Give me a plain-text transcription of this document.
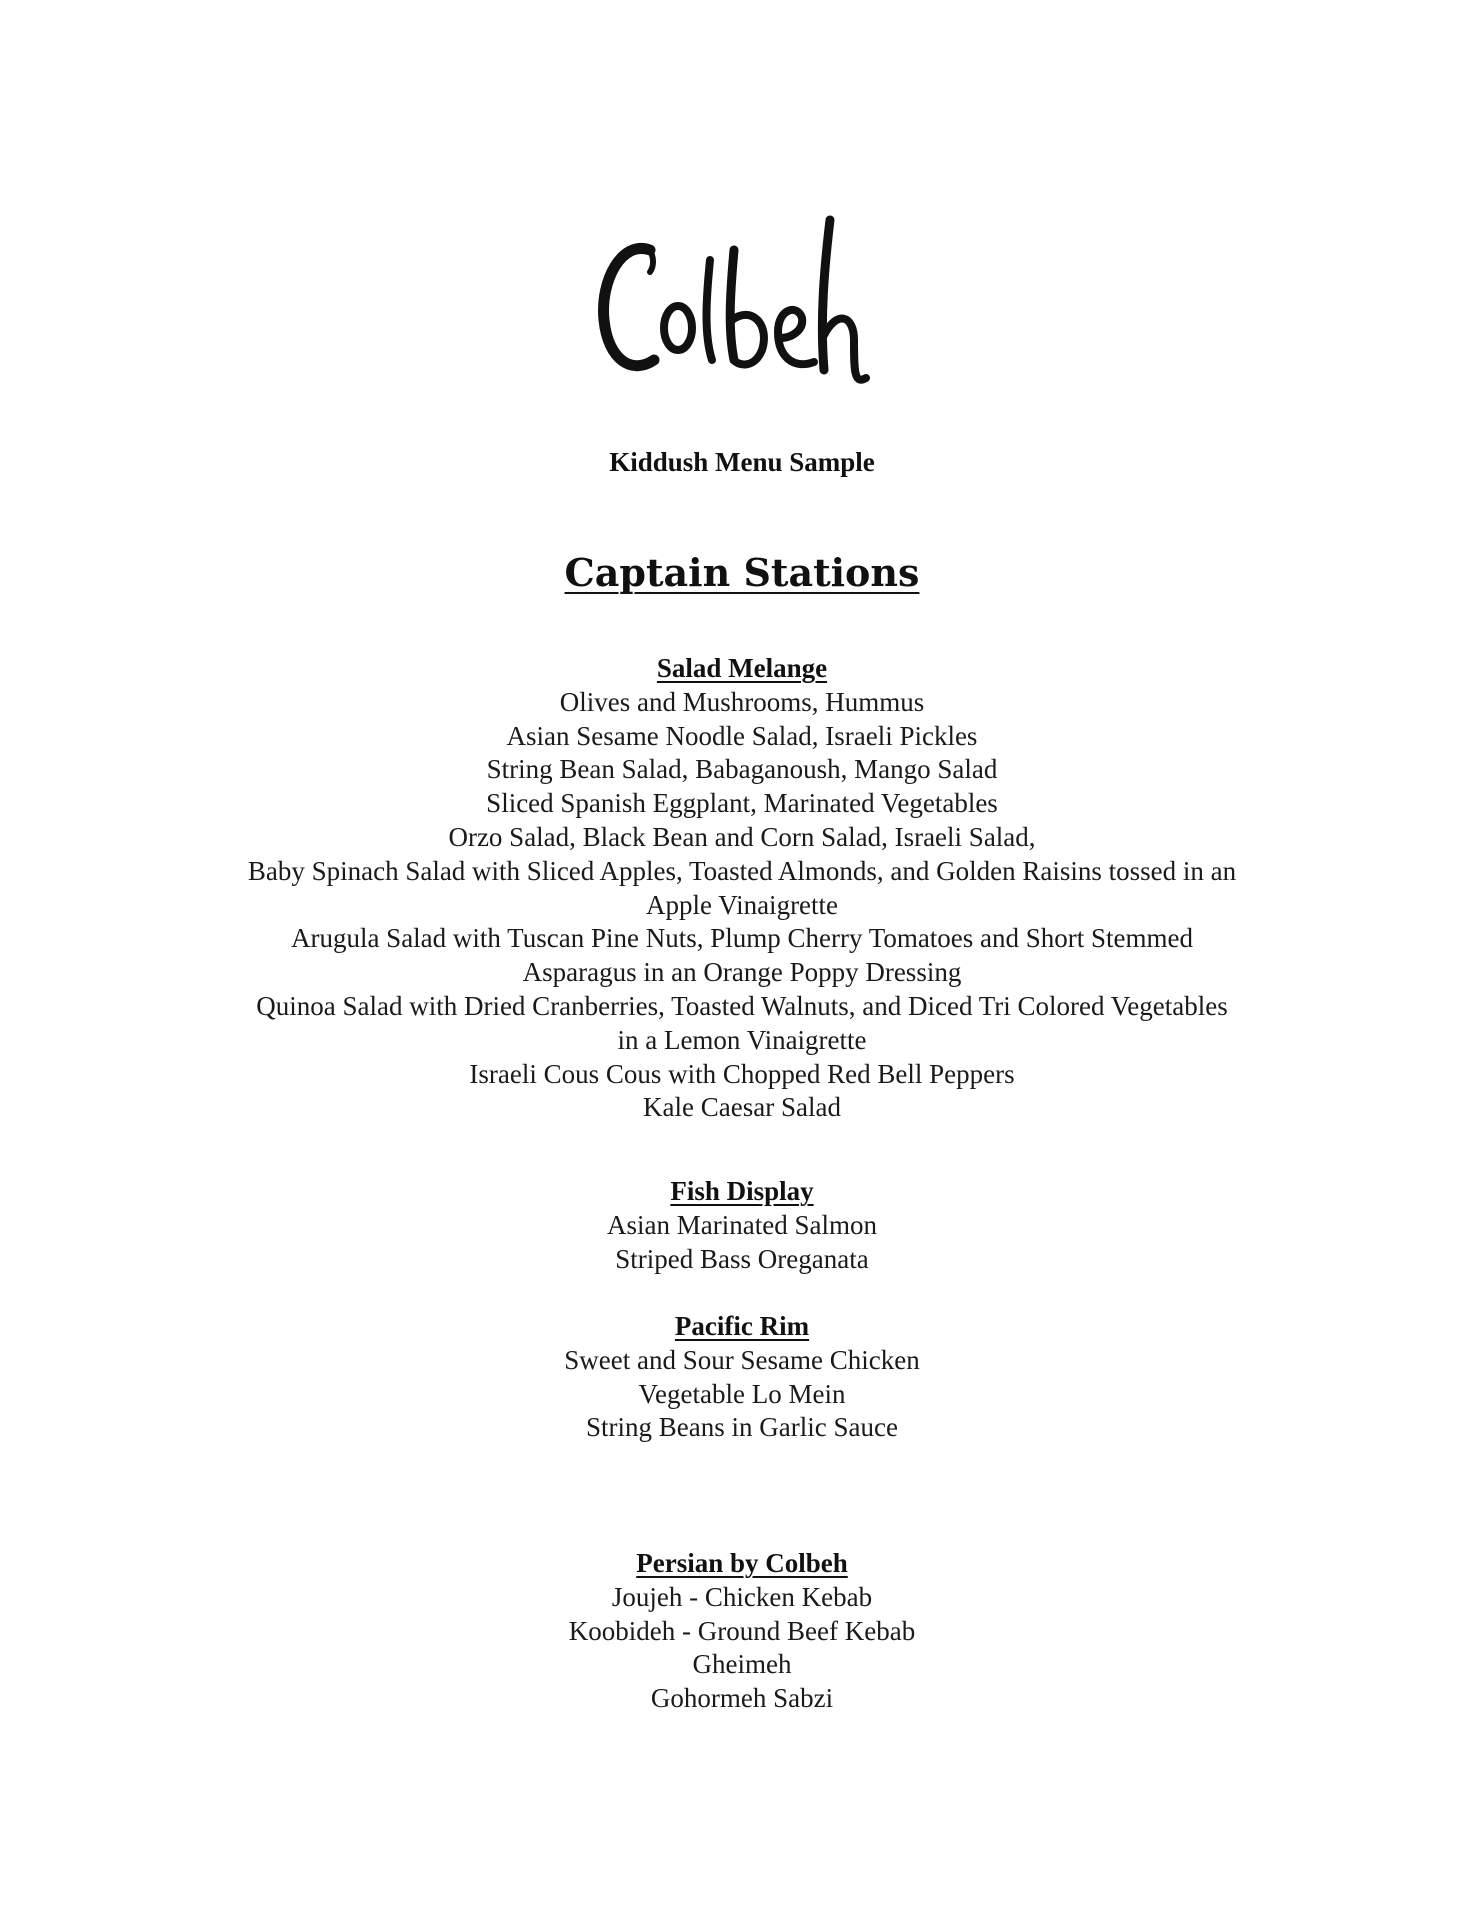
Kiddush Menu Sample
Captain Stations
Salad Melange
Olives and Mushrooms, Hummus
Asian Sesame Noodle Salad, Israeli Pickles
String Bean Salad, Babaganoush, Mango Salad
Sliced Spanish Eggplant, Marinated Vegetables
Orzo Salad, Black Bean and Corn Salad, Israeli Salad,
Baby Spinach Salad with Sliced Apples, Toasted Almonds, and Golden Raisins tossed in an
Apple Vinaigrette
Arugula Salad with Tuscan Pine Nuts, Plump Cherry Tomatoes and Short Stemmed
Asparagus in an Orange Poppy Dressing
Quinoa Salad with Dried Cranberries, Toasted Walnuts, and Diced Tri Colored Vegetables
in a Lemon Vinaigrette
Israeli Cous Cous with Chopped Red Bell Peppers
Kale Caesar Salad
Fish Display
Asian Marinated Salmon
Striped Bass Oreganata
Pacific Rim
Sweet and Sour Sesame Chicken
Vegetable Lo Mein
String Beans in Garlic Sauce
Persian by Colbeh
Joujeh - Chicken Kebab
Koobideh - Ground Beef Kebab
Gheimeh
Gohormeh Sabzi
